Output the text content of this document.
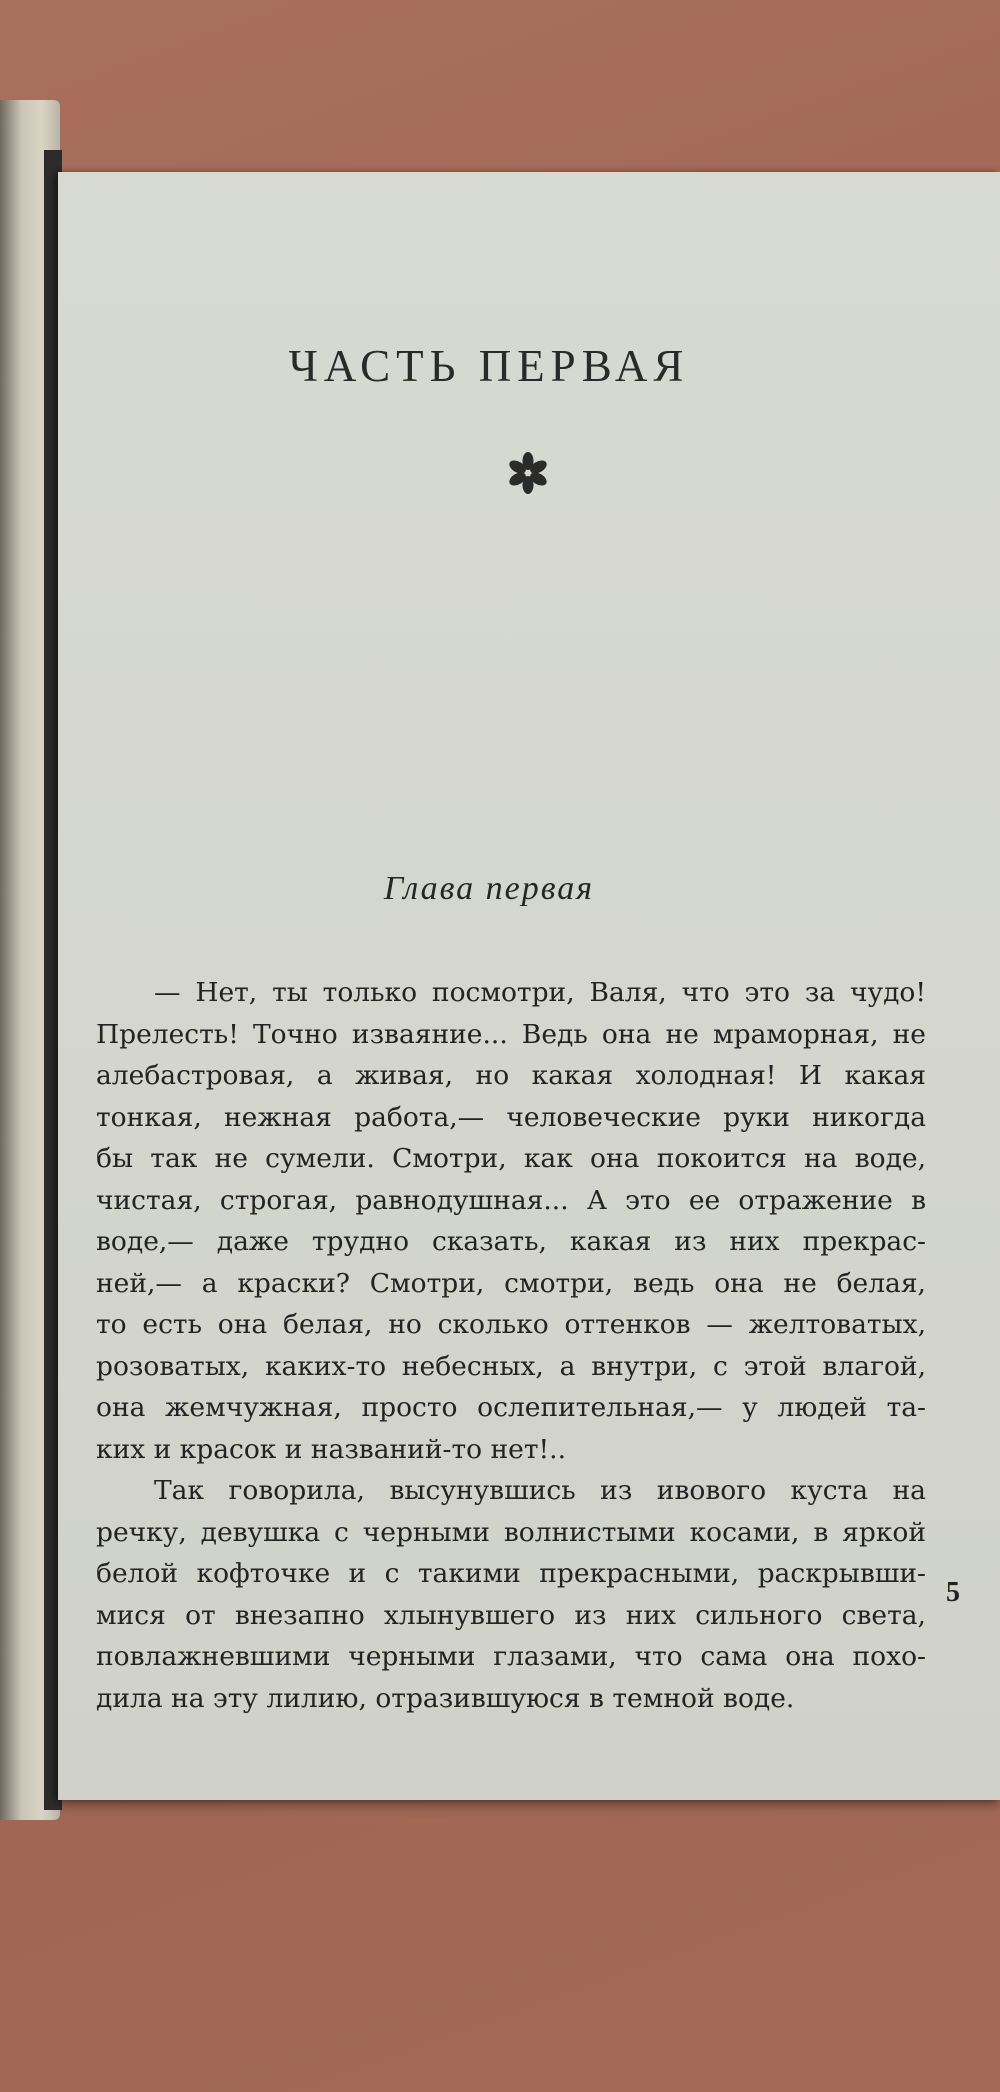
ЧАСТЬ ПЕРВАЯ
Глава первая
— Нет, ты только посмотри, Валя, что это за чудо!
Прелесть! Точно изваяние... Ведь она не мраморная, не
алебастровая, а живая, но какая холодная! И какая
тонкая, нежная работа,— человеческие руки никогда
бы так не сумели. Смотри, как она покоится на воде,
чистая, строгая, равнодушная... А это ее отражение в
воде,— даже трудно сказать, какая из них прекрас-
ней,— а краски? Смотри, смотри, ведь она не белая,
то есть она белая, но сколько оттенков — желтоватых,
розоватых, каких-то небесных, а внутри, с этой влагой,
она жемчужная, просто ослепительная,— у людей та-
ких и красок и названий-то нет!..
Так говорила, высунувшись из ивового куста на
речку, девушка с черными волнистыми косами, в яркой
белой кофточке и с такими прекрасными, раскрывши-
мися от внезапно хлынувшего из них сильного света,
повлажневшими черными глазами, что сама она похо-
дила на эту лилию, отразившуюся в темной воде.
5
